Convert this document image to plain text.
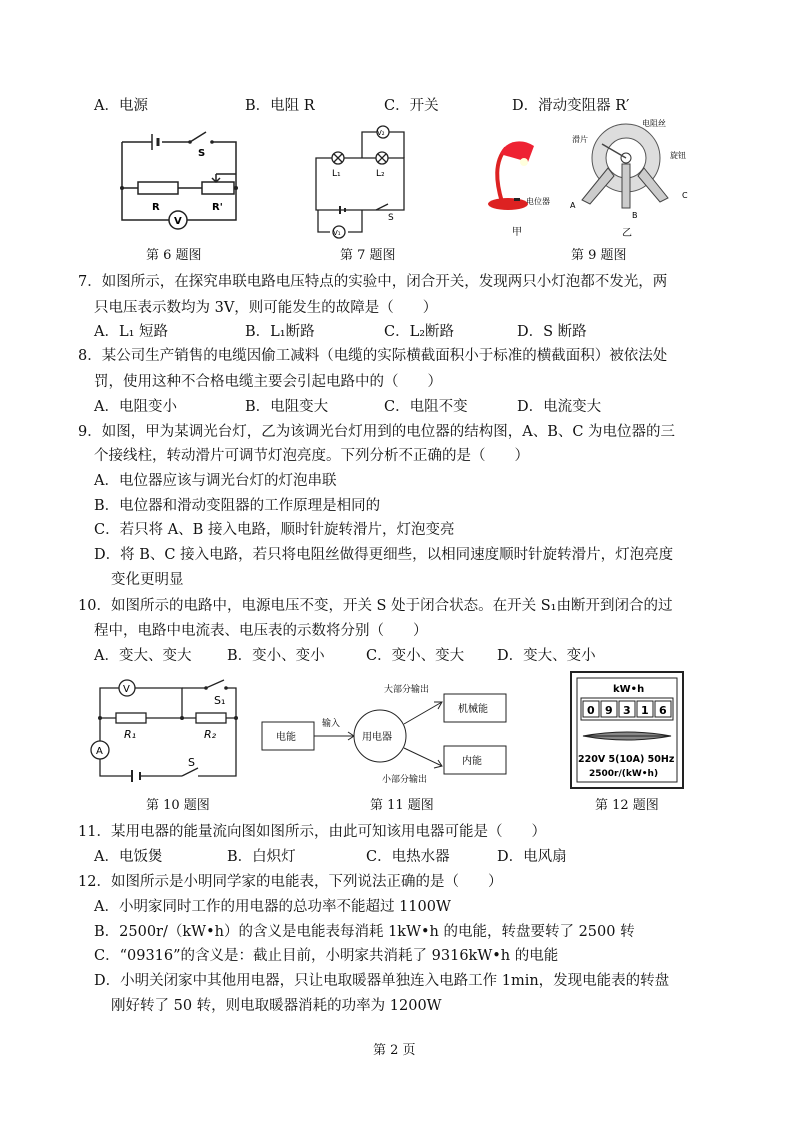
A．电源	B．电阻 R	C．开关	D．滑动变阻器 R′
S
R	R'
V
第 6 题图
V₂
L₁	L₂
S
V₁
第 7 题图
电位器
甲
滑片
电阻丝
旋钮
A
B
C
乙
第 9 题图
7．如图所示，在探究串联电路电压特点的实验中，闭合开关，发现两只小灯泡都不发光，两
只电压表示数均为 3V，则可能发生的故障是（　　）
A．L₁ 短路	B．L₁断路	C．L₂断路	D．S 断路
8．某公司生产销售的电缆因偷工减料（电缆的实际横截面积小于标准的横截面积）被依法处
罚，使用这种不合格电缆主要会引起电路中的（　　）
A．电阻变小	B．电阻变大	C．电阻不变	D．电流变大
9．如图，甲为某调光台灯，乙为该调光台灯用到的电位器的结构图，A、B、C 为电位器的三
个接线柱，转动滑片可调节灯泡亮度。下列分析不正确的是（　　）
A．电位器应该与调光台灯的灯泡串联
B．电位器和滑动变阻器的工作原理是相同的
C．若只将 A、B 接入电路，顺时针旋转滑片，灯泡变亮
D．将 B、C 接入电路，若只将电阻丝做得更细些，以相同速度顺时针旋转滑片，灯泡亮度
变化更明显
10．如图所示的电路中，电源电压不变，开关 S 处于闭合状态。在开关 S₁由断开到闭合的过
程中，电路中电流表、电压表的示数将分别（　　）
A．变大、变大 B．变小、变小	C．变小、变大 D．变大、变小
V
S₁
R₁	R₂
A
S
第 10 题图
电能
输入
用电器
大部分输出
机械能
小部分输出
内能
第 11 题图
kW•h
0 9 3 1 6
220V 5(10A) 50Hz
2500r/(kW•h)
第 12 题图
11．某用电器的能量流向图如图所示，由此可知该用电器可能是（　　）
A．电饭煲	B．白炽灯	C．电热水器	D．电风扇
12．如图所示是小明同学家的电能表，下列说法正确的是（　　）
A．小明家同时工作的用电器的总功率不能超过 1100W
B．2500r/（kW•h）的含义是电能表每消耗 1kW•h 的电能，转盘要转了 2500 转
C．“09316”的含义是：截止目前，小明家共消耗了 9316kW•h 的电能
D．小明关闭家中其他用电器，只让电取暖器单独连入电路工作 1min，发现电能表的转盘
刚好转了 50 转，则电取暖器消耗的功率为 1200W
第 2 页
